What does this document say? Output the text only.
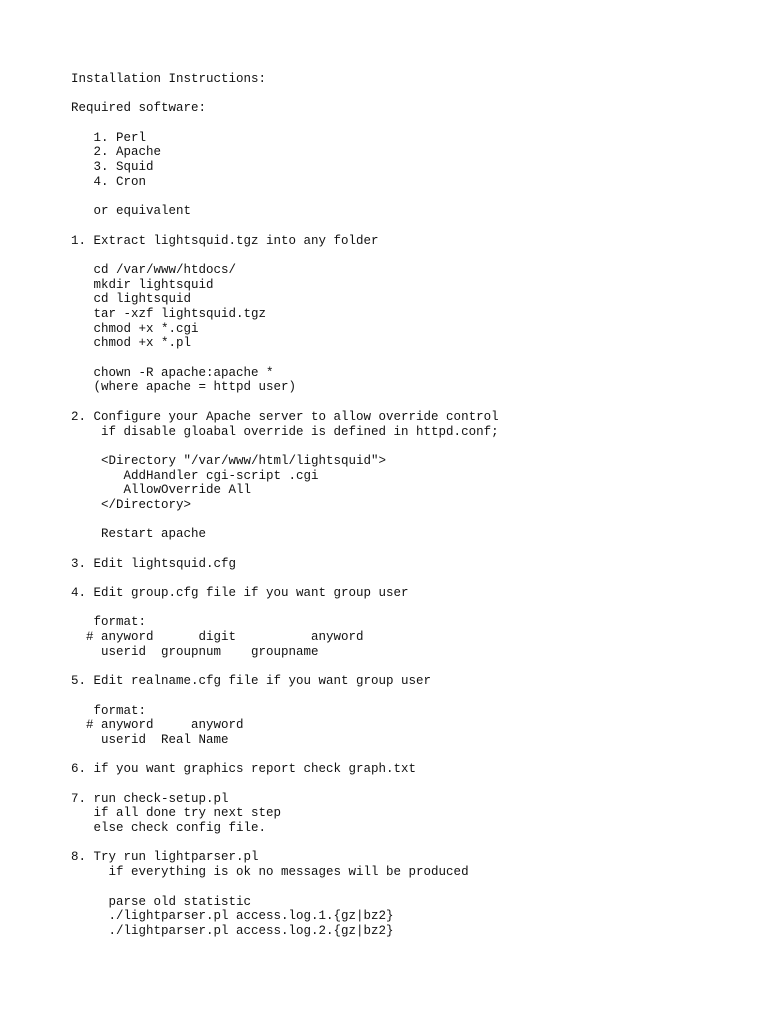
Installation Instructions:
Required software:
1. Perl
2. Apache
3. Squid
4. Cron
or equivalent
1. Extract lightsquid.tgz into any folder
cd /var/www/htdocs/
mkdir lightsquid
cd lightsquid
tar -xzf lightsquid.tgz
chmod +x *.cgi
chmod +x *.pl
chown -R apache:apache *
(where apache = httpd user)
2. Configure your Apache server to allow override control
if disable gloabal override is defined in httpd.conf;
<Directory "/var/www/html/lightsquid">
AddHandler cgi-script .cgi
AllowOverride All
</Directory>
Restart apache
3. Edit lightsquid.cfg
4. Edit group.cfg file if you want group user
format:
# anyword      digit          anyword
userid  groupnum    groupname
5. Edit realname.cfg file if you want group user
format:
# anyword     anyword
userid  Real Name
6. if you want graphics report check graph.txt
7. run check-setup.pl
if all done try next step
else check config file.
8. Try run lightparser.pl
if everything is ok no messages will be produced
parse old statistic
./lightparser.pl access.log.1.{gz|bz2}
./lightparser.pl access.log.2.{gz|bz2}
